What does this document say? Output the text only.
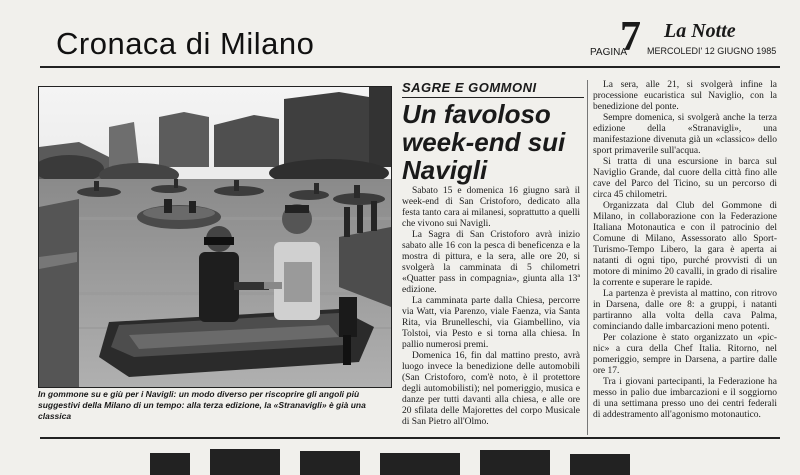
Cronaca di Milano	PAGINA
7 La Notte
MERCOLEDI' 12 GIUGNO 1985
In gommone su e giù per i Navigli: un modo diverso per riscoprire gli angoli più suggestivi della Milano di un tempo: alla terza edizione, la «Stranavigli» è già una classica
SAGRE E GOMMONI
Un favoloso week-end sui Navigli

Sabato 15 e domenica 16 giugno sarà il week-end di San Cristoforo, dedicato alla festa tanto cara ai milanesi, soprattutto a quelli che vivono sui Navigli.

La Sagra di San Cristoforo avrà inizio sabato alle 16 con la pesca di beneficenza e la mostra di pittura, e la sera, alle ore 20, si svolgerà la camminata di 5 chilometri «Quatter pass in compagnia», giunta alla 13ª edizione.

La camminata parte dalla Chiesa, percorre via Watt, via Parenzo, viale Faenza, via Santa Rita, via Brunelleschi, via Giambellino, via Tolstoi, via Pesto e si torna alla chiesa. In pallio numerosi premi.

Domenica 16, fin dal mattino presto, avrà luogo invece la benedizione delle automobili (San Cristoforo, com'è noto, è il protettore degli automobilisti); nel pomeriggio, musica e danze per tutti davanti alla chiesa, e alle ore 20 sfilata delle Majorettes del corpo Musicale di San Pietro all'Olmo.

La sera, alle 21, si svolgerà infine la processione eucaristica sul Naviglio, con la benedizione del ponte.

Sempre domenica, si svolgerà anche la terza edizione della «Stranavigli», una manifestazione divenuta già un «classico» dello sport primaverile sull'acqua.

Si tratta di una escursione in barca sul Naviglio Grande, dal cuore della città fino alle cave del Parco del Ticino, su un percorso di circa 45 chilometri.

Organizzata dal Club del Gommone di Milano, in collaborazione con la Federazione Italiana Motonautica e con il patrocinio del Comune di Milano, Assessorato allo Sport-Turismo-Tempo Libero, la gara è aperta ai natanti di ogni tipo, purché provvisti di un motore di minimo 20 cavalli, in grado di risalire la corrente e superare le rapide.

La partenza è prevista al mattino, con ritrovo in Darsena, dalle ore 8: a gruppi, i natanti partiranno alla volta della cava Palma, cominciando dalle imbarcazioni meno potenti.

Per colazione è stato organizzato un «pic-nic» a cura della Chef Italia. Ritorno, nel pomeriggio, sempre in Darsena, a partire dalle ore 17.

Tra i giovani partecipanti, la Federazione ha messo in palio due imbarcazioni e il soggiorno di una settimana presso uno dei centri federali di addestramento all'agonismo motonautico.
